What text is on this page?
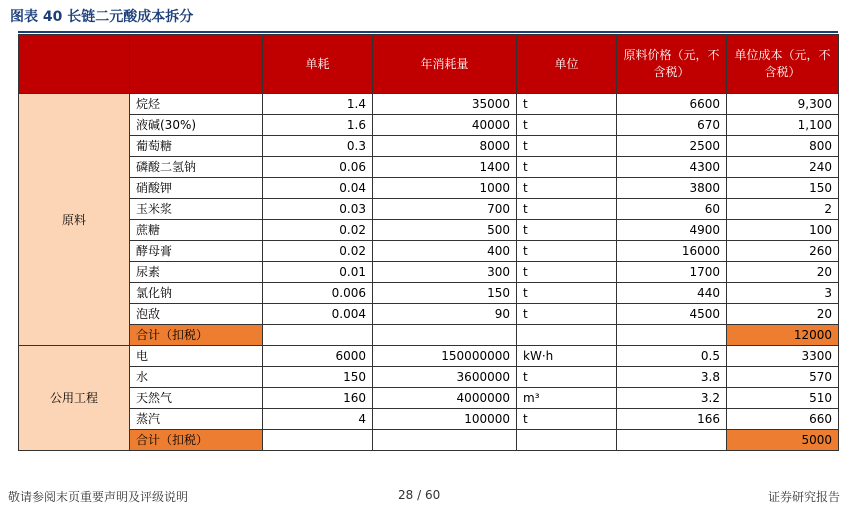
图表 40 长链二元酸成本拆分
		单耗	年消耗量	单位	原料价格（元，不含税）	单位成本（元，不含税）
原料	烷烃	1.4	35000	t	6600	9,300
	液碱(30%)	1.6	40000	t	670	1,100
	葡萄糖	0.3	8000	t	2500	800
	磷酸二氢钠	0.06	1400	t	4300	240
	硝酸钾	0.04	1000	t	3800	150
	玉米浆	0.03	700	t	60	2
	蔗糖	0.02	500	t	4900	100
	酵母膏	0.02	400	t	16000	260
	尿素	0.01	300	t	1700	20
	氯化钠	0.006	150	t	440	3
	泡敌	0.004	90	t	4500	20
	合计（扣税）					12000
公用工程	电	6000	150000000	kW·h	0.5	3300
	水	150	3600000	t	3.8	570
	天然气	160	4000000	m³	3.2	510
	蒸汽	4	100000	t	166	660
	合计（扣税）					5000
敬请参阅末页重要声明及评级说明	28 / 60	证券研究报告
